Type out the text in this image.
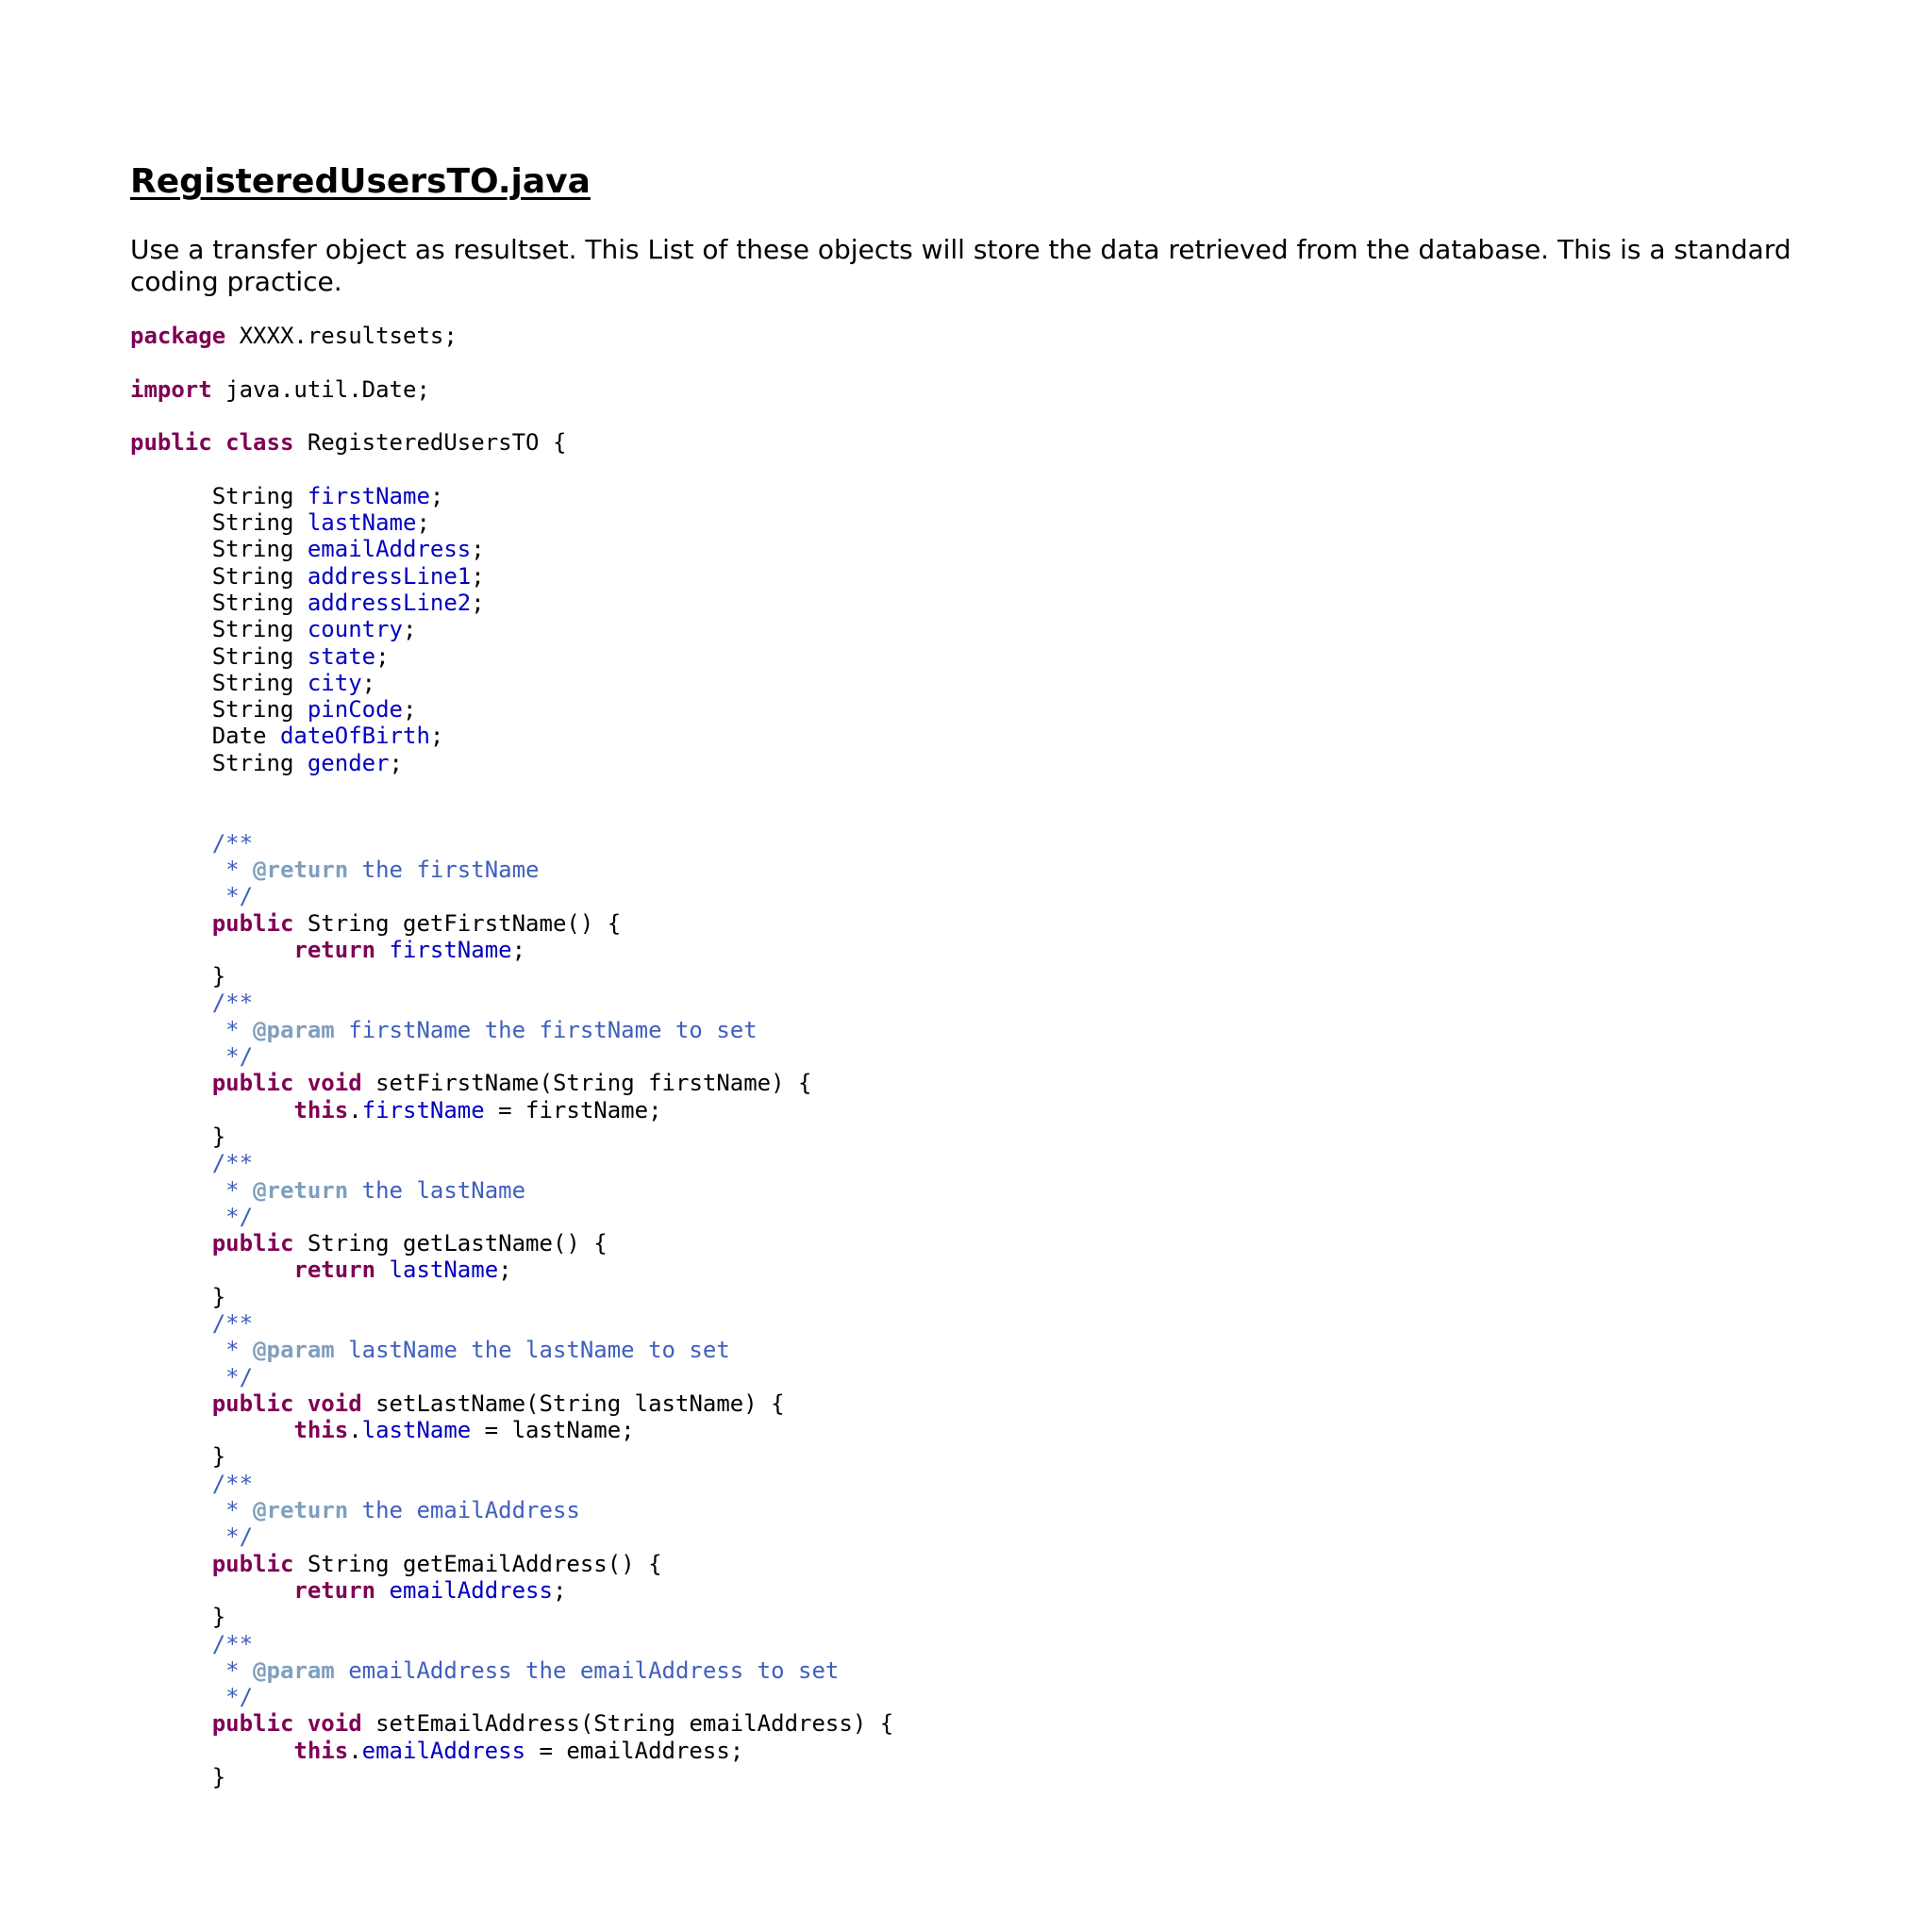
RegisteredUsersTO.java

Use a transfer object as resultset. This List of these objects will store the data retrieved from the database. This is a standard coding practice.

package XXXX.resultsets;
import java.util.Date;
public class RegisteredUsersTO {
String firstName;
String lastName;
String emailAddress;
String addressLine1;
String addressLine2;
String country;
String state;
String city;
String pinCode;
Date dateOfBirth;
String gender;
/**
* @return the firstName
*/
public String getFirstName() {
return firstName;
}
/**
* @param firstName the firstName to set
*/
public void setFirstName(String firstName) {
this.firstName = firstName;
}
/**
* @return the lastName
*/
public String getLastName() {
return lastName;
}
/**
* @param lastName the lastName to set
*/
public void setLastName(String lastName) {
this.lastName = lastName;
}
/**
* @return the emailAddress
*/
public String getEmailAddress() {
return emailAddress;
}
/**
* @param emailAddress the emailAddress to set
*/
public void setEmailAddress(String emailAddress) {
this.emailAddress = emailAddress;
}
